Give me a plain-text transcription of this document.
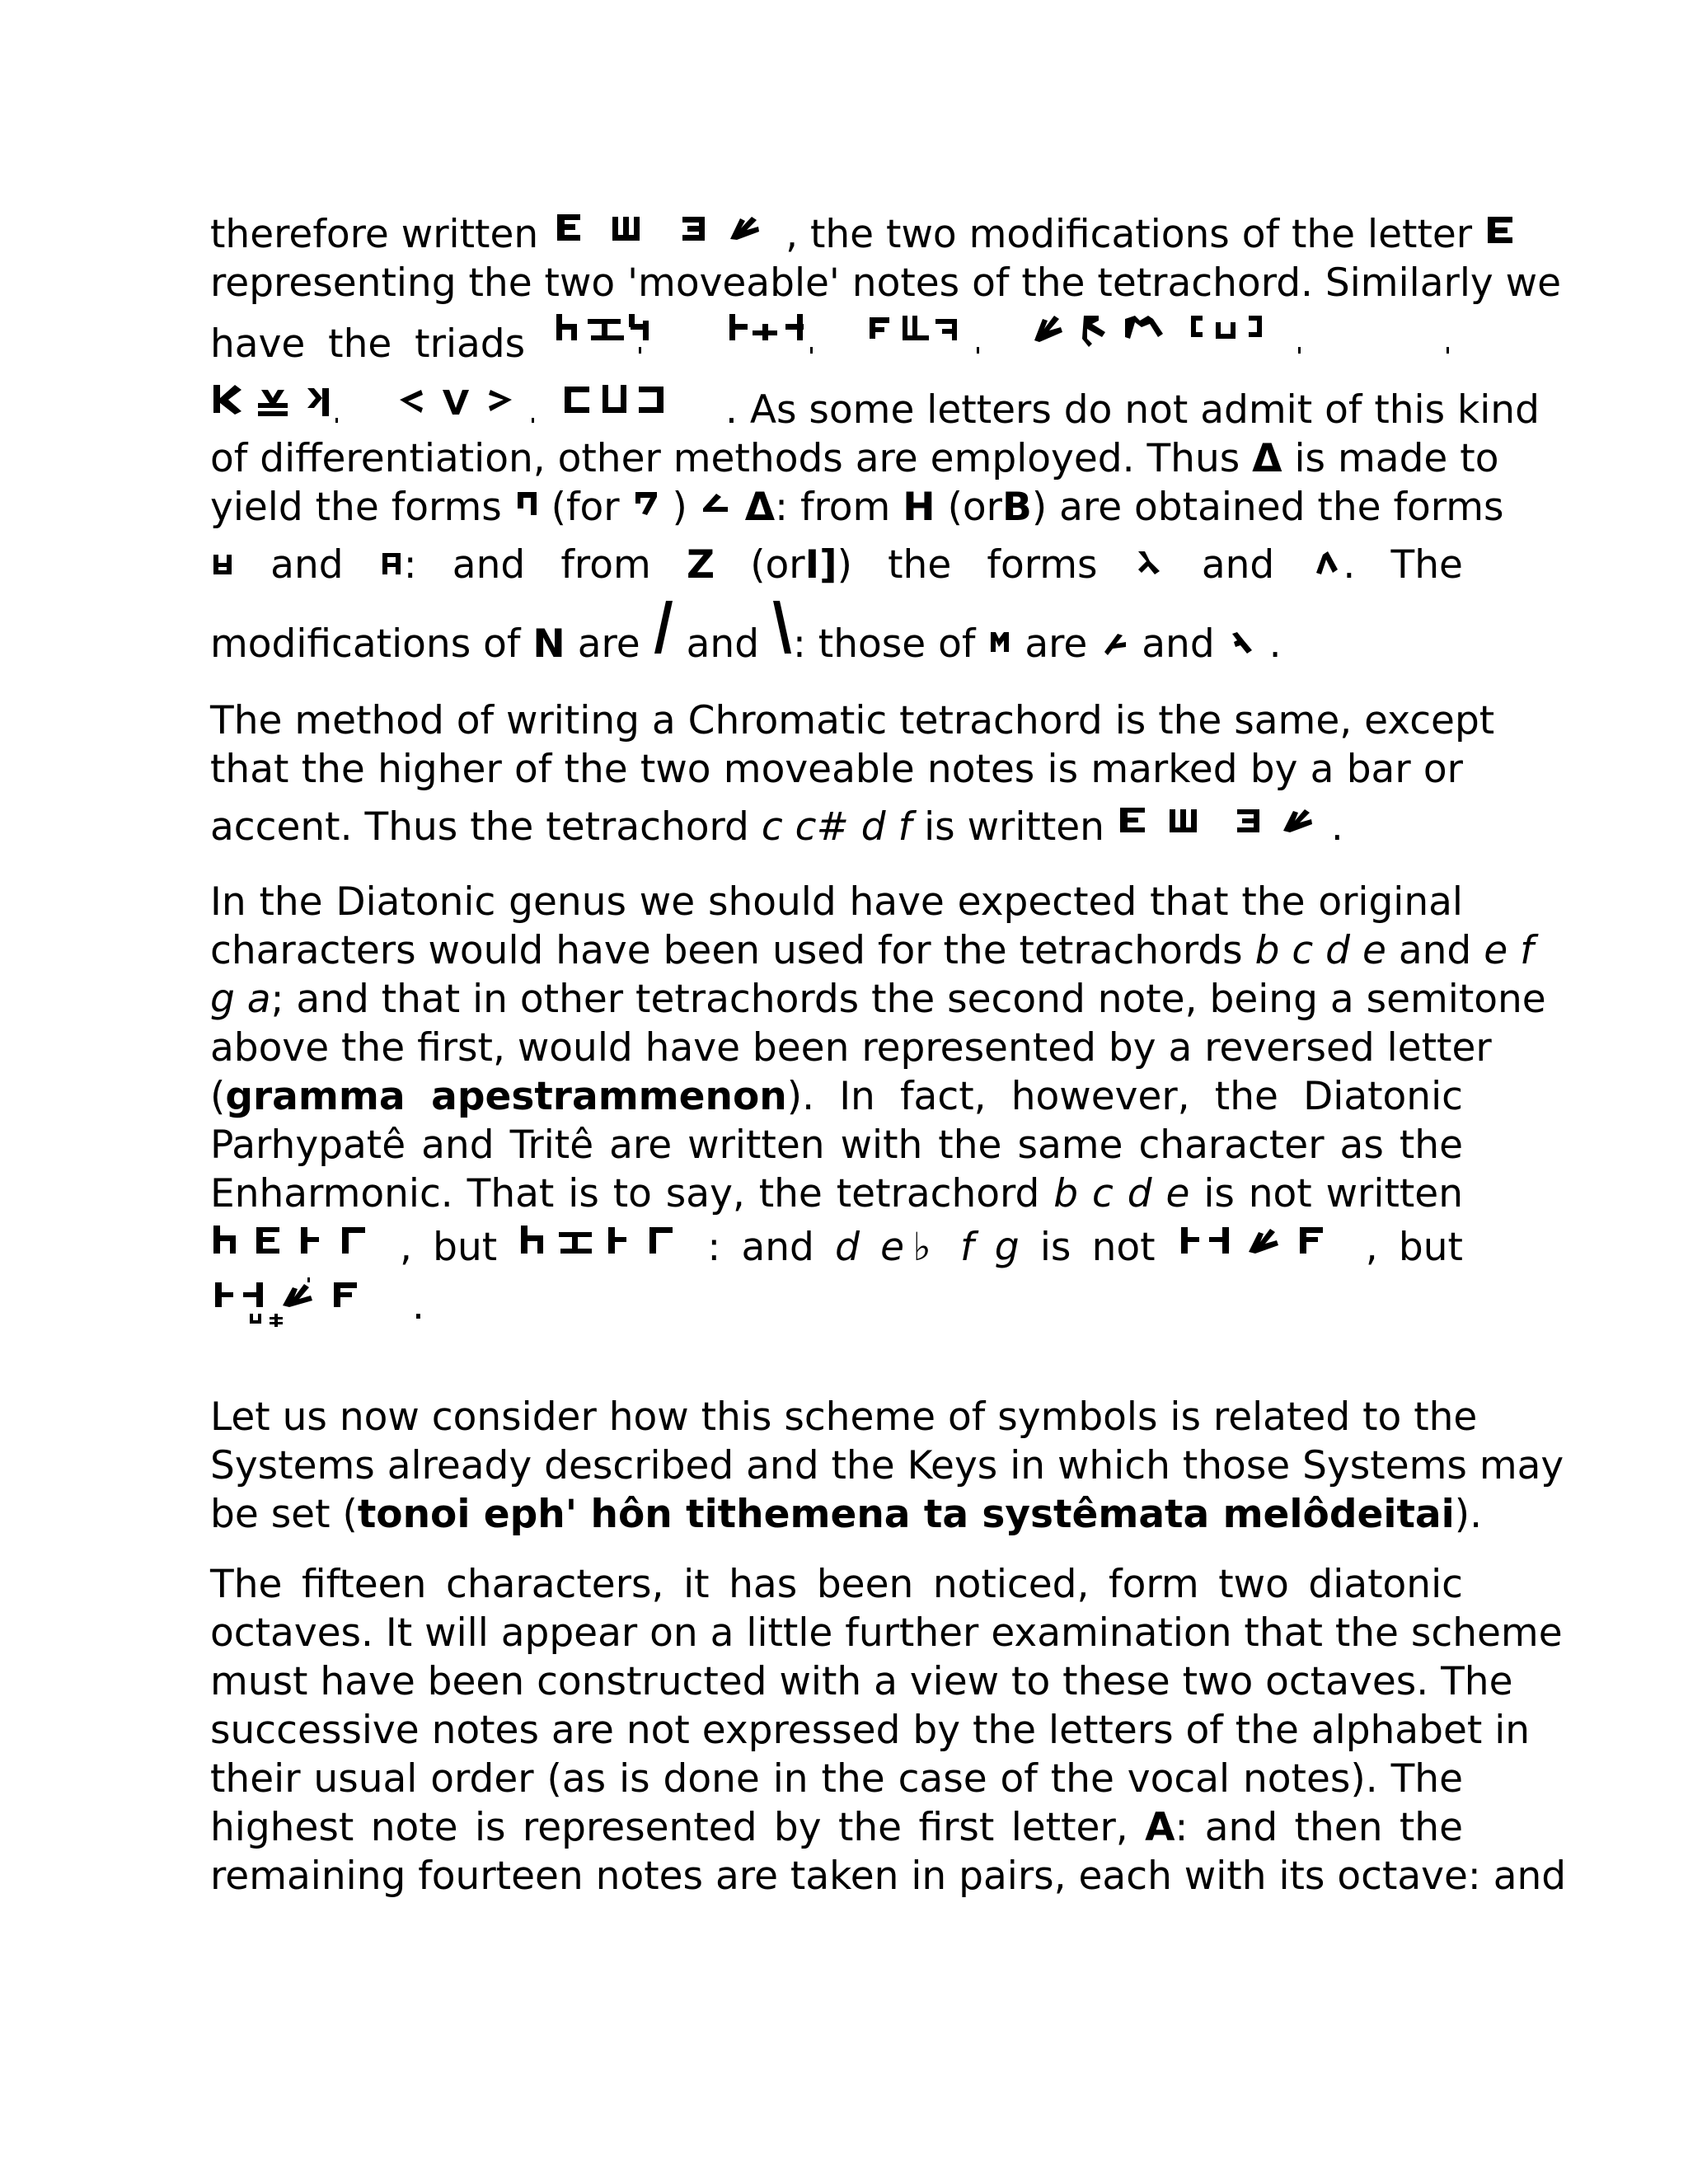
therefore written	, the two modifications of the letter
representing the two 'moveable' notes of the tetrachord. Similarly we
have the triads
. As some letters do not admit of this kind
of differentiation, other methods are employed. Thus Δ is made to
yield the forms (for ) Δ: from H (orB) are obtained the forms
and : and from Z (orI]) the forms	and . The
modifications of N are and : those of are and .
The method of writing a Chromatic tetrachord is the same, except
that the higher of the two moveable notes is marked by a bar or
accent. Thus the tetrachord c c# d f is written	.
In the Diatonic genus we should have expected that the original
characters would have been used for the tetrachords b c d e and e f
g a; and that in other tetrachords the second note, being a semitone
above the first, would have been represented by a reversed letter
(gramma apestrammenon). In fact, however, the Diatonic
Parhypatê and Tritê are written with the same character as the
Enharmonic. That is to say, the tetrachord b c d e is not written
, but	: and d e♭ f g is not	, but
.
Let us now consider how this scheme of symbols is related to the
Systems already described and the Keys in which those Systems may
be set (tonoi eph' hôn tithemena ta systêmata melôdeitai).
The fifteen characters, it has been noticed, form two diatonic
octaves. It will appear on a little further examination that the scheme
must have been constructed with a view to these two octaves. The
successive notes are not expressed by the letters of the alphabet in
their usual order (as is done in the case of the vocal notes). The
highest note is represented by the first letter, A: and then the
remaining fourteen notes are taken in pairs, each with its octave: and
